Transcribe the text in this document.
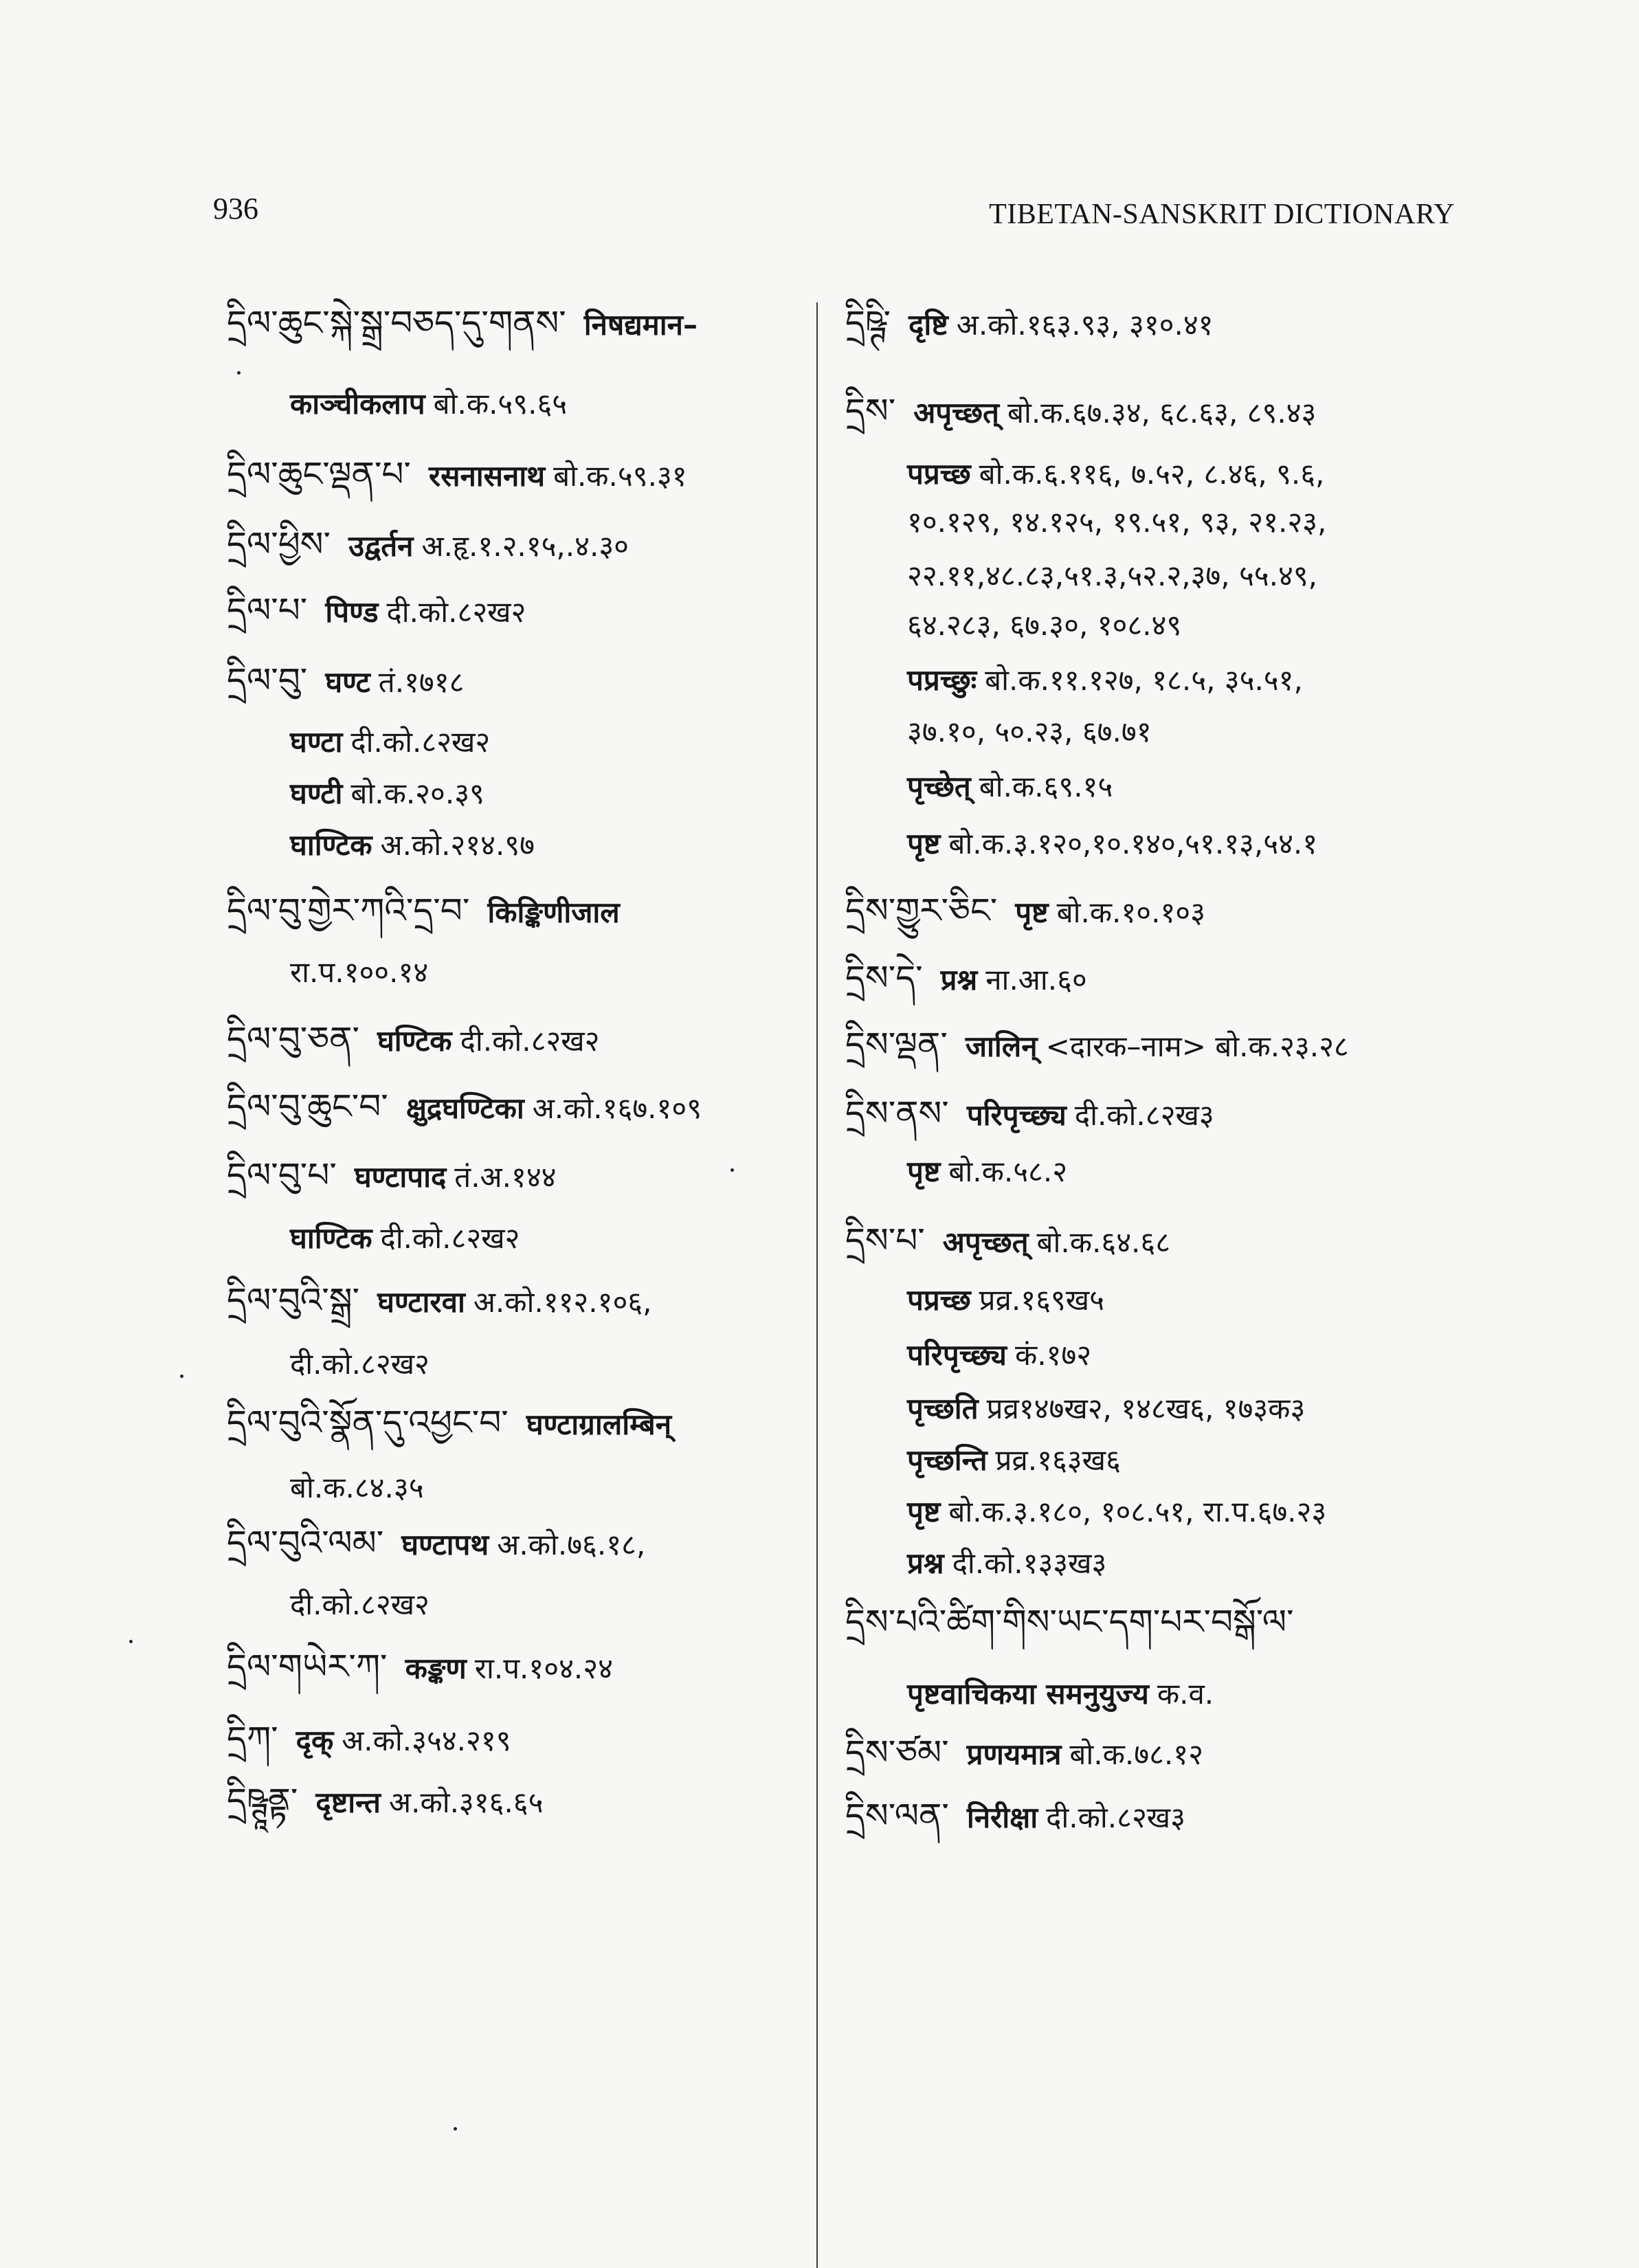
936	TIBETAN-SANSKRIT DICTIONARY
དྲིལ་ཆུང་སྐེ་སྒྲ་བཅད་དུ་གནས་ निषद्यमान–
काञ्चीकलाप बो.क.५९.६५
དྲིལ་ཆུང་ལྡན་པ་ रसनासनाथ बो.क.५९.३१
དྲིལ་ཕྱིས་ उद्वर्तन अ.हृ.१.२.१५,.४.३०
དྲིལ་པ་ पिण्ड दी.को.८२ख२
དྲིལ་བུ་ घण्ट तं.१७१८
घण्टा दी.को.८२ख२
घण्टी बो.क.२०.३९
घाण्टिक अ.को.२१४.९७
དྲིལ་བུ་གྱེར་ཀའི་དྲ་བ་ किङ्किणीजाल
रा.प.१००.१४
དྲིལ་བུ་ཅན་ घण्टिक दी.को.८२ख२
དྲིལ་བུ་ཆུང་བ་ क्षुद्रघण्टिका अ.को.१६७.१०९
དྲིལ་བུ་པ་ घण्टापाद तं.अ.१४४
घाण्टिक दी.को.८२ख२
དྲིལ་བུའི་སྒྲ་ घण्टारवा अ.को.११२.१०६,
दी.को.८२ख२
དྲིལ་བུའི་སྣོན་དུ་འཕྱང་བ་ घण्टाग्रालम्बिन्
बो.क.८४.३५
དྲིལ་བུའི་ལམ་ घण्टापथ अ.को.७६.१८,
दी.को.८२ख२
དྲིལ་གཡེར་ཀ་ कङ्कण रा.प.१०४.२४
དྲིཀ་ दृक् अ.को.३५४.२१९
དྲིཥྚཱནྟ་ दृष्टान्त अ.को.३१६.६५
དྲིཥྚི་ दृष्टि अ.को.१६३.९३, ३१०.४१
དྲིས་ अपृच्छत् बो.क.६७.३४, ६८.६३, ८९.४३
पप्रच्छ बो.क.६.११६, ७.५२, ८.४६, ९.६,
१०.१२९, १४.१२५, १९.५१, ९३, २१.२३,
२२.११,४८.८३,५१.३,५२.२,३७, ५५.४९,
६४.२८३, ६७.३०, १०८.४९
पप्रच्छुः बो.क.११.१२७, १८.५, ३५.५१,
३७.१०, ५०.२३, ६७.७१
पृच्छेत् बो.क.६९.१५
पृष्ट बो.क.३.१२०,१०.१४०,५१.१३,५४.१
དྲིས་གྱུར་ཅིང་ पृष्ट बो.क.१०.१०३
དྲིས་དེ་ प्रश्न ना.आ.६०
དྲིས་ལྡན་ जालिन् <दारक–नाम> बो.क.२३.२८
དྲིས་ནས་ परिपृच्छ्य दी.को.८२ख३
पृष्ट बो.क.५८.२
དྲིས་པ་ अपृच्छत् बो.क.६४.६८
पप्रच्छ प्रव्र.१६९ख५
परिपृच्छ्य कं.१७२
पृच्छति प्रव्र१४७ख२, १४८ख६, १७३क३
पृच्छन्ति प्रव्र.१६३ख६
पृष्ट बो.क.३.१८०, १०८.५१, रा.प.६७.२३
प्रश्न दी.को.१३३ख३
དྲིས་པའི་ཚིག་གིས་ཡང་དག་པར་བསྒོ་ལ་
पृष्टवाचिकया समनुयुज्य क.व.
དྲིས་ཙམ་ प्रणयमात्र बो.क.७८.१२
དྲིས་ལན་ निरीक्षा दी.को.८२ख३
